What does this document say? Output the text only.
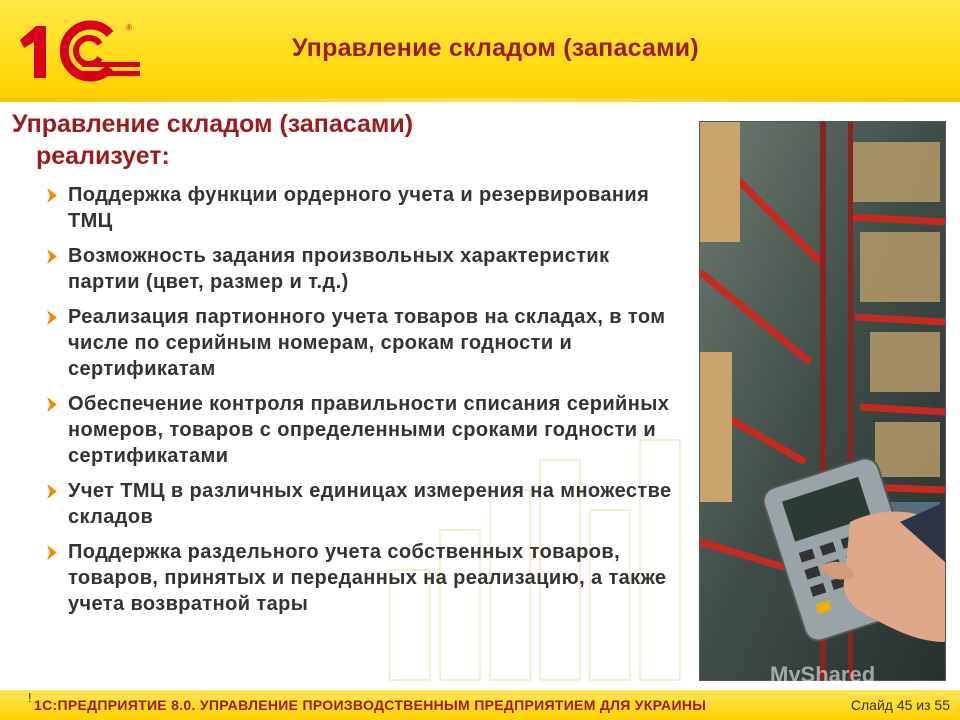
®
Управление складом (запасами)
Управление складом (запасами)
реализует:
Поддержка функции ордерного учета и резервирования ТМЦ
Возможность задания произвольных характеристик партии (цвет, размер и т.д.)
Реализация партионного учета товаров на складах, в том числе по серийным номерам, срокам годности и сертификатам
Обеспечение контроля правильности списания серийных номеров, товаров с определенными сроками годности и сертификатами
Учет ТМЦ в различных единицах измерения на множестве складов
Поддержка раздельного учета собственных товаров, товаров, принятых и переданных на реализацию, а также учета возвратной тары
MyShared
! 1С:ПРЕДПРИЯТИЕ 8.0. УПРАВЛЕНИЕ ПРОИЗВОДСТВЕННЫМ ПРЕДПРИЯТИЕМ ДЛЯ УКРАИНЫ	Слайд 45 из 55
